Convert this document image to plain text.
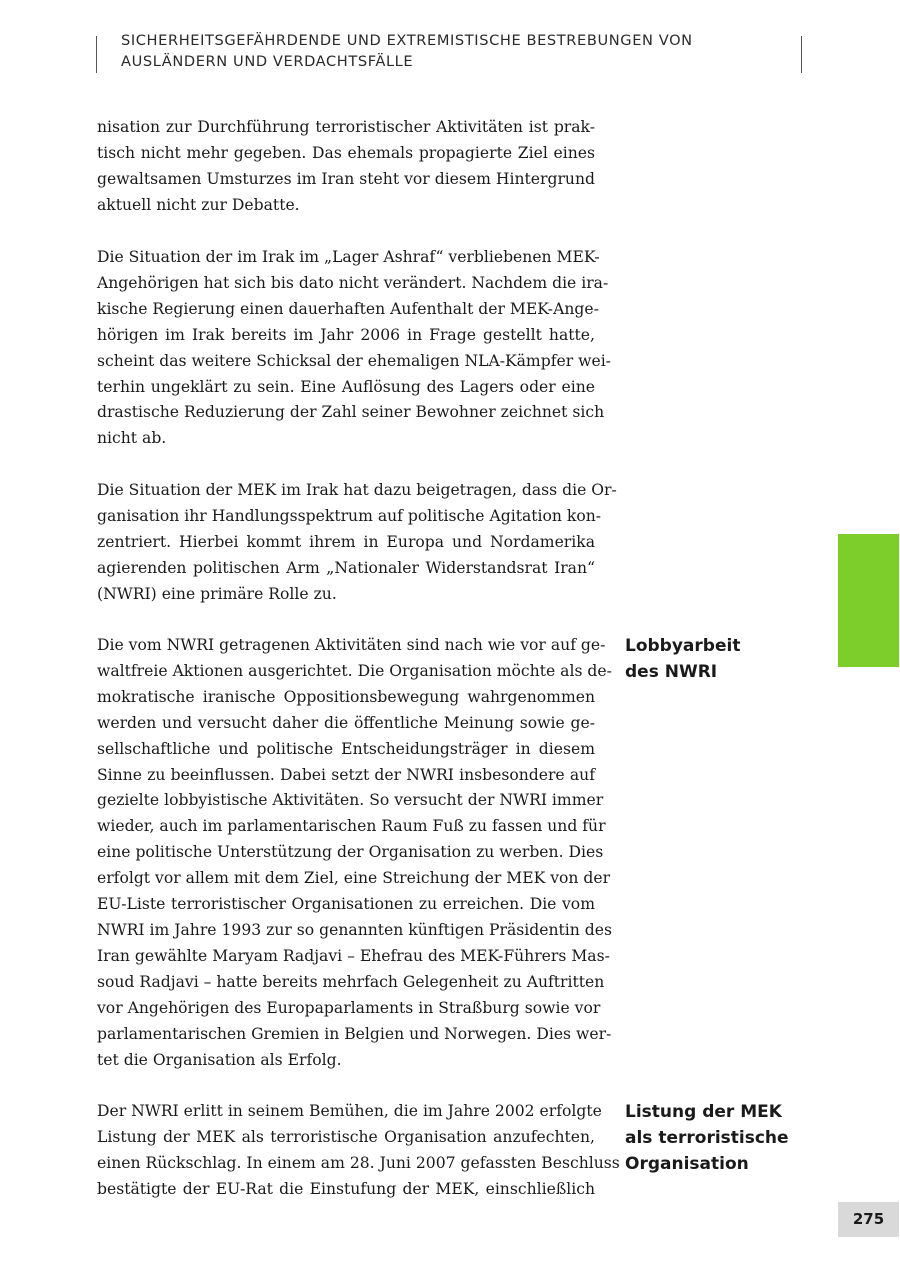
SICHERHEITSGEFÄHRDENDE UND EXTREMISTISCHE BESTREBUNGEN VON
AUSLÄNDERN UND VERDACHTSFÄLLE
nisation zur Durchführung terroristischer Aktivitäten ist prak-
tisch nicht mehr gegeben. Das ehemals propagierte Ziel eines
gewaltsamen Umsturzes im Iran steht vor diesem Hintergrund
aktuell nicht zur Debatte.
Die Situation der im Irak im „Lager Ashraf“ verbliebenen MEK-
Angehörigen hat sich bis dato nicht verändert. Nachdem die ira-
kische Regierung einen dauerhaften Aufenthalt der MEK-Ange-
hörigen im Irak bereits im Jahr 2006 in Frage gestellt hatte,
scheint das weitere Schicksal der ehemaligen NLA-Kämpfer wei-
terhin ungeklärt zu sein. Eine Auflösung des Lagers oder eine
drastische Reduzierung der Zahl seiner Bewohner zeichnet sich
nicht ab.
Die Situation der MEK im Irak hat dazu beigetragen, dass die Or-
ganisation ihr Handlungsspektrum auf politische Agitation kon-
zentriert. Hierbei kommt ihrem in Europa und Nordamerika
agierenden politischen Arm „Nationaler Widerstandsrat Iran“
(NWRI) eine primäre Rolle zu.
Die vom NWRI getragenen Aktivitäten sind nach wie vor auf ge-
waltfreie Aktionen ausgerichtet. Die Organisation möchte als de-
mokratische iranische Oppositionsbewegung wahrgenommen
werden und versucht daher die öffentliche Meinung sowie ge-
sellschaftliche und politische Entscheidungsträger in diesem
Sinne zu beeinflussen. Dabei setzt der NWRI insbesondere auf
gezielte lobbyistische Aktivitäten. So versucht der NWRI immer
wieder, auch im parlamentarischen Raum Fuß zu fassen und für
eine politische Unterstützung der Organisation zu werben. Dies
erfolgt vor allem mit dem Ziel, eine Streichung der MEK von der
EU-Liste terroristischer Organisationen zu erreichen. Die vom
NWRI im Jahre 1993 zur so genannten künftigen Präsidentin des
Iran gewählte Maryam Radjavi – Ehefrau des MEK-Führers Mas-
soud Radjavi – hatte bereits mehrfach Gelegenheit zu Auftritten
vor Angehörigen des Europaparlaments in Straßburg sowie vor
parlamentarischen Gremien in Belgien und Norwegen. Dies wer-
tet die Organisation als Erfolg.
Der NWRI erlitt in seinem Bemühen, die im Jahre 2002 erfolgte
Listung der MEK als terroristische Organisation anzufechten,
einen Rückschlag. In einem am 28. Juni 2007 gefassten Beschluss
bestätigte der EU-Rat die Einstufung der MEK, einschließlich
Lobbyarbeit
des NWRI
Listung der MEK
als terroristische
Organisation
275
